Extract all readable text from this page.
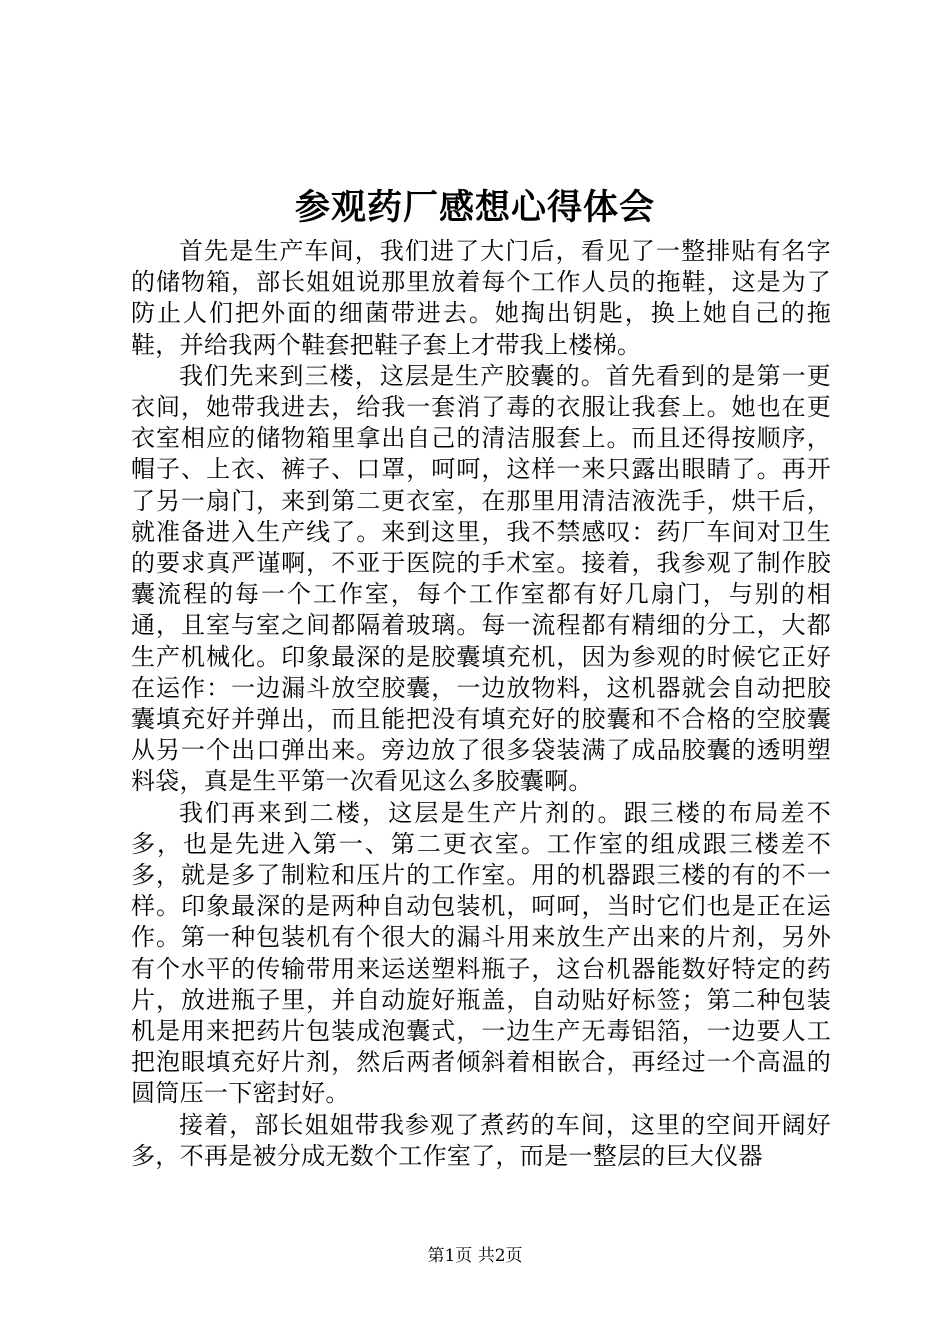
参观药厂感想心得体会

首先是生产车间，我们进了大门后，看见了一整排贴有名字的储物箱，部长姐姐说那里放着每个工作人员的拖鞋，这是为了防止人们把外面的细菌带进去。她掏出钥匙，换上她自己的拖鞋，并给我两个鞋套把鞋子套上才带我上楼梯。

我们先来到三楼，这层是生产胶囊的。首先看到的是第一更衣间，她带我进去，给我一套消了毒的衣服让我套上。她也在更衣室相应的储物箱里拿出自己的清洁服套上。而且还得按顺序，帽子、上衣、裤子、口罩，呵呵，这样一来只露出眼睛了。再开了另一扇门，来到第二更衣室，在那里用清洁液洗手，烘干后，就准备进入生产线了。来到这里，我不禁感叹：药厂车间对卫生的要求真严谨啊，不亚于医院的手术室。接着，我参观了制作胶囊流程的每一个工作室，每个工作室都有好几扇门，与别的相通，且室与室之间都隔着玻璃。每一流程都有精细的分工，大都生产机械化。印象最深的是胶囊填充机，因为参观的时候它正好在运作：一边漏斗放空胶囊，一边放物料，这机器就会自动把胶囊填充好并弹出，而且能把没有填充好的胶囊和不合格的空胶囊从另一个出口弹出来。旁边放了很多袋装满了成品胶囊的透明塑料袋，真是生平第一次看见这么多胶囊啊。

我们再来到二楼，这层是生产片剂的。跟三楼的布局差不多，也是先进入第一、第二更衣室。工作室的组成跟三楼差不多，就是多了制粒和压片的工作室。用的机器跟三楼的有的不一样。印象最深的是两种自动包装机，呵呵，当时它们也是正在运作。第一种包装机有个很大的漏斗用来放生产出来的片剂，另外有个水平的传输带用来运送塑料瓶子，这台机器能数好特定的药片，放进瓶子里，并自动旋好瓶盖，自动贴好标签；第二种包装机是用来把药片包装成泡囊式，一边生产无毒铝箔，一边要人工把泡眼填充好片剂，然后两者倾斜着相嵌合，再经过一个高温的圆筒压一下密封好。

接着，部长姐姐带我参观了煮药的车间，这里的空间开阔好多，不再是被分成无数个工作室了，而是一整层的巨大仪器

第1页 共2页
